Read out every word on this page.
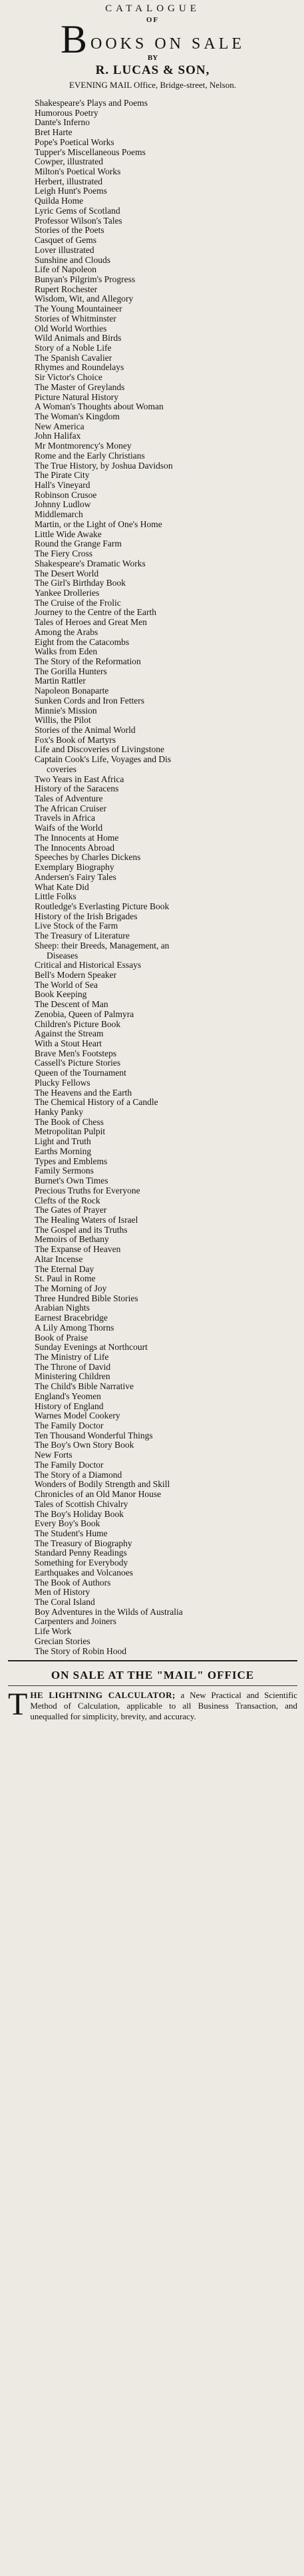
CATALOGUE
OF
BOOKS ON SALE
BY
R. LUCAS & SON,
EVENING MAIL Office, Bridge-street, Nelson.
Shakespeare's Plays and Poems
Humorous Poetry
Dante's Inferno
Bret Harte
Pope's Poetical Works
Tupper's Miscellaneous Poems
Cowper, illustrated
Milton's Poetical Works
Herbert, illustrated
Leigh Hunt's Poems
Quilda Home
Lyric Gems of Scotland
Professor Wilson's Tales
Stories of the Poets
Casquet of Gems
Lover illustrated
Sunshine and Clouds
Life of Napoleon
Bunyan's Pilgrim's Progress
Rupert Rochester
Wisdom, Wit, and Allegory
The Young Mountaineer
Stories of Whitminster
Old World Worthies
Wild Animals and Birds
Story of a Noble Life
The Spanish Cavalier
Rhymes and Roundelays
Sir Victor's Choice
The Master of Greylands
Picture Natural History
A Woman's Thoughts about Woman
The Woman's Kingdom
New America
John Halifax
Mr Montmorency's Money
Rome and the Early Christians
The True History, by Joshua Davidson
The Pirate City
Hall's Vineyard
Robinson Crusoe
Johnny Ludlow
Middlemarch
Martin, or the Light of One's Home
Little Wide Awake
Round the Grange Farm
The Fiery Cross
Shakespeare's Dramatic Works
The Desert World
The Girl's Birthday Book
Yankee Drolleries
The Cruise of the Frolic
Journey to the Centre of the Earth
Tales of Heroes and Great Men
Among the Arabs
Eight from the Catacombs
Walks from Eden
The Story of the Reformation
The Gorilla Hunters
Martin Rattler
Napoleon Bonaparte
Sunken Cords and Iron Fetters
Minnie's Mission
Willis, the Pilot
Stories of the Animal World
Fox's Book of Martyrs
Life and Discoveries of Livingstone
Captain Cook's Life, Voyages and Dis
coveries
Two Years in East Africa
History of the Saracens
Tales of Adventure
The African Cruiser
Travels in Africa
Waifs of the World
The Innocents at Home
The Innocents Abroad
Speeches by Charles Dickens
Exemplary Biography
Andersen's Fairy Tales
What Kate Did
Little Folks
Routledge's Everlasting Picture Book
History of the Irish Brigades
Live Stock of the Farm
The Treasury of Literature
Sheep: their Breeds, Management, an
Diseases
Critical and Historical Essays
Bell's Modern Speaker
The World of Sea
Book Keeping
The Descent of Man
Zenobia, Queen of Palmyra
Children's Picture Book
Against the Stream
With a Stout Heart
Brave Men's Footsteps
Cassell's Picture Stories
Queen of the Tournament
Plucky Fellows
The Heavens and the Earth
The Chemical History of a Candle
Hanky Panky
The Book of Chess
Metropolitan Pulpit
Light and Truth
Earths Morning
Types and Emblems
Family Sermons
Burnet's Own Times
Precious Truths for Everyone
Clefts of the Rock
The Gates of Prayer
The Healing Waters of Israel
The Gospel and its Truths
Memoirs of Bethany
The Expanse of Heaven
Altar Incense
The Eternal Day
St. Paul in Rome
The Morning of Joy
Three Hundred Bible Stories
Arabian Nights
Earnest Bracebridge
A Lily Among Thorns
Book of Praise
Sunday Evenings at Northcourt
The Ministry of Life
The Throne of David
Ministering Children
The Child's Bible Narrative
England's Yeomen
History of England
Warnes Model Cookery
The Family Doctor
Ten Thousand Wonderful Things
The Boy's Own Story Book
New Forts
The Family Doctor
The Story of a Diamond
Wonders of Bodily Strength and Skill
Chronicles of an Old Manor House
Tales of Scottish Chivalry
The Boy's Holiday Book
Every Boy's Book
The Student's Hume
The Treasury of Biography
Standard Penny Readings
Something for Everybody
Earthquakes and Volcanoes
The Book of Authors
Men of History
The Coral Island
Boy Adventures in the Wilds of Australia
Carpenters and Joiners
Life Work
Grecian Stories
The Story of Robin Hood
ON SALE AT THE "MAIL" OFFICE

THE LIGHTNING CALCULATOR; a New Practical and Scientific Method of Calculation, applicable to all Business Transaction, and unequalled for simplicity, brevity, and accuracy.
